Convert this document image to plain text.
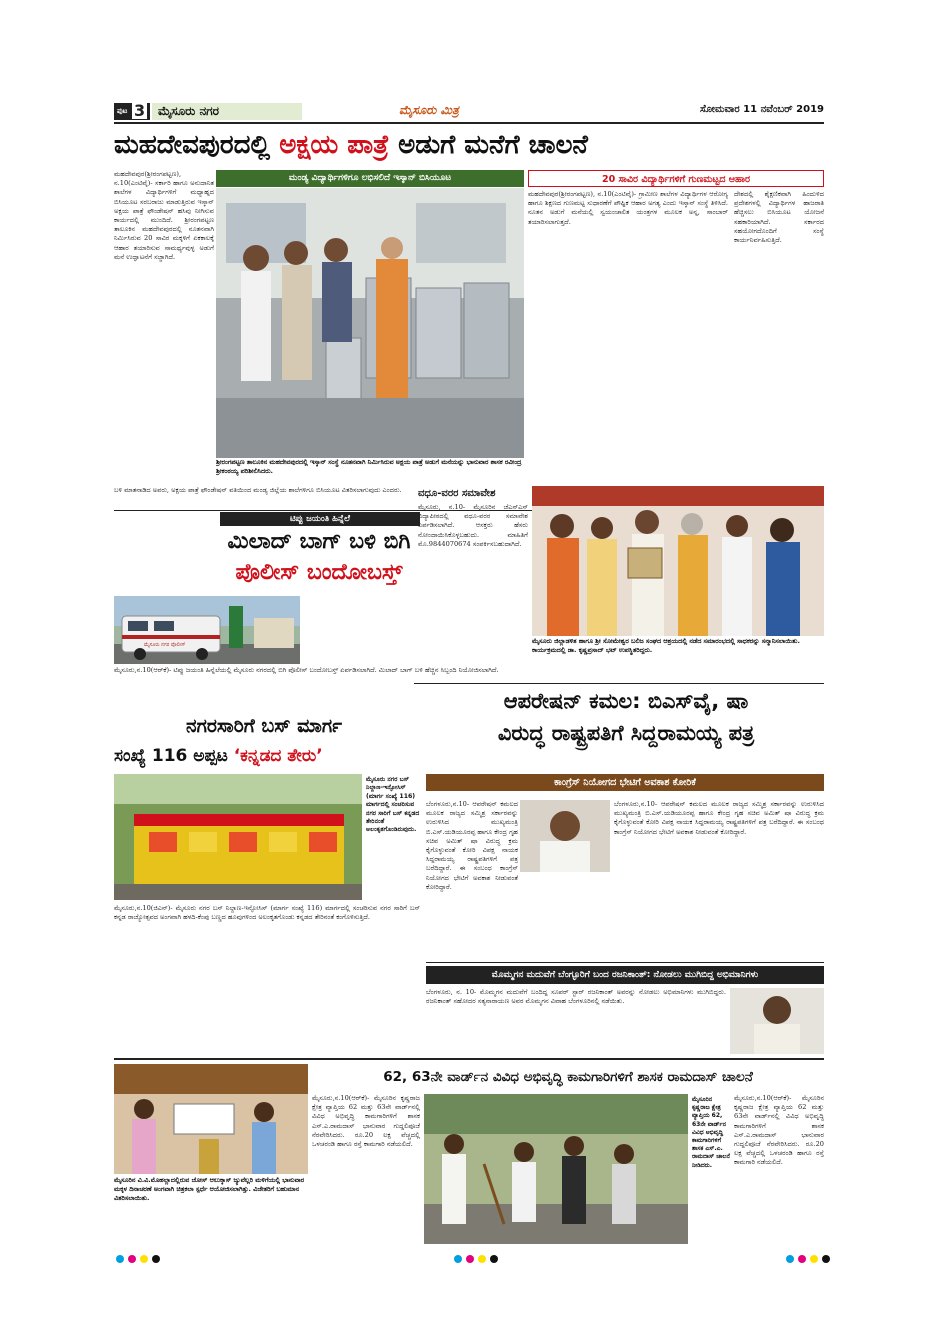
ಪುಟ 3 ಮೈಸೂರು ನಗರ	ಮೈಸೂರು ಮಿತ್ರ	ಸೋಮವಾರ 11 ನವೆಂಬರ್ 2019
ಮಹದೇವಪುರದಲ್ಲಿ ಅಕ್ಷಯ ಪಾತ್ರೆ ಅಡುಗೆ ಮನೆಗೆ ಚಾಲನೆ
ಮಹದೇವಪುರ(ಶ್ರೀರಂಗಪಟ್ಟಣ), ನ.10(ಎಂಟಿವೈ)- ಸರ್ಕಾರಿ ಹಾಗೂ ಅನುದಾನಿತ ಶಾಲೆಗಳ ವಿದ್ಯಾರ್ಥಿಗಳಿಗೆ ಮಧ್ಯಾಹ್ನದ ಬಿಸಿಯೂಟ ಸರಬರಾಜು ಮಾಡುತ್ತಿರುವ ಇಸ್ಕಾನ್ ಅಕ್ಷಯ ಪಾತ್ರೆ ಫೌಂಡೇಷನ್ ಹಸಿವು ನೀಗಿಸುವ ಕಾರ್ಯದಲ್ಲಿ ಮುಂದಿದೆ. ಶ್ರೀರಂಗಪಟ್ಟಣ ತಾಲೂಕಿನ ಮಹದೇವಪುರದಲ್ಲಿ ನೂತನವಾಗಿ ನಿರ್ಮಿಸಿರುವ 20 ಸಾವಿರ ಮಕ್ಕಳಿಗೆ ಏಕಕಾಲಕ್ಕೆ ಆಹಾರ ತಯಾರಿಸುವ ಸಾಮರ್ಥ್ಯವುಳ್ಳ ಅಡುಗೆ ಮನೆ ಉದ್ಘಾಟನೆಗೆ ಸಜ್ಜಾಗಿದೆ.
ಮಂಡ್ಯ ವಿದ್ಯಾರ್ಥಿಗಳಿಗೂ ಲಭಿಸಲಿದೆ ಇಸ್ಕಾನ್ ಬಿಸಿಯೂಟ
ಶ್ರೀರಂಗಪಟ್ಟಣ ತಾಲೂಕಿನ ಮಹದೇವಪುರದಲ್ಲಿ ಇಸ್ಕಾನ್ ಸಂಸ್ಥೆ ನೂತನವಾಗಿ ನಿರ್ಮಿಸಿರುವ ಅಕ್ಷಯ ಪಾತ್ರೆ ಅಡುಗೆ ಮನೆಯನ್ನು ಭಾನುವಾರ ಶಾಸಕ ರವೀಂದ್ರ ಶ್ರೀಕಂಠಯ್ಯ ಪರಿಶೀಲಿಸಿದರು.
20 ಸಾವಿರ ವಿದ್ಯಾರ್ಥಿಗಳಿಗೆ ಗುಣಮಟ್ಟದ ಆಹಾರ
ಮಹದೇವಪುರ(ಶ್ರೀರಂಗಪಟ್ಟಣ), ನ.10(ಎಂಟಿವೈ)- ಗ್ರಾಮೀಣ ಶಾಲೆಗಳ ವಿದ್ಯಾರ್ಥಿಗಳ ಆರೋಗ್ಯ ಹಾಗೂ ಶಿಕ್ಷಣದ ಗುಣಮಟ್ಟ ಸುಧಾರಣೆಗೆ ಪೌಷ್ಟಿಕ ಆಹಾರ ಅಗತ್ಯ ಎಂದು ಇಸ್ಕಾನ್ ಸಂಸ್ಥೆ ತಿಳಿಸಿದೆ. ನೂತನ ಅಡುಗೆ ಮನೆಯಲ್ಲಿ ಸ್ವಯಂಚಾಲಿತ ಯಂತ್ರಗಳ ಮೂಲಕ ಅನ್ನ, ಸಾಂಬಾರ್ ತಯಾರಿಸಲಾಗುತ್ತದೆ.
ದೇಶದಲ್ಲಿ ಶೈಕ್ಷಣಿಕವಾಗಿ ಹಿಂದುಳಿದ ಪ್ರದೇಶಗಳಲ್ಲಿ ವಿದ್ಯಾರ್ಥಿಗಳ ಹಾಜರಾತಿ ಹೆಚ್ಚಿಸಲು ಬಿಸಿಯೂಟ ಯೋಜನೆ ಸಹಕಾರಿಯಾಗಿದೆ. ಸರ್ಕಾರದ ಸಹಯೋಗದೊಂದಿಗೆ ಸಂಸ್ಥೆ ಕಾರ್ಯನಿರ್ವಹಿಸುತ್ತಿದೆ.
ಬಳಿ ಮಾತನಾಡಿದ ಅವರು, ಅಕ್ಷಯ ಪಾತ್ರೆ ಫೌಂಡೇಷನ್ ವತಿಯಿಂದ ಮಂಡ್ಯ ಜಿಲ್ಲೆಯ ಶಾಲೆಗಳಿಗೂ ಬಿಸಿಯೂಟ ವಿತರಿಸಲಾಗುವುದು ಎಂದರು.
ಟಿಪ್ಪು ಜಯಂತಿ ಹಿನ್ನೆಲೆ
ಮಿಲಾದ್ ಬಾಗ್ ಬಳಿ ಬಿಗಿ
ಪೊಲೀಸ್ ಬಂದೋಬಸ್ತ್
ಮೈಸೂರು ನಗರ ಪೊಲೀಸ್
ಮೈಸೂರು,ನ.10(ಆರ್‌ಕೆ)- ಟಿಪ್ಪು ಜಯಂತಿ ಹಿನ್ನೆಲೆಯಲ್ಲಿ ಮೈಸೂರು ನಗರದಲ್ಲಿ ಬಿಗಿ ಪೊಲೀಸ್ ಬಂದೋಬಸ್ತ್ ಏರ್ಪಡಿಸಲಾಗಿದೆ. ಮಿಲಾದ್ ಬಾಗ್ ಬಳಿ ಹೆಚ್ಚಿನ ಸಿಬ್ಬಂದಿ ನಿಯೋಜಿಸಲಾಗಿದೆ.
ವಧೂ-ವರರ ಸಮಾವೇಶ
ಮೈಸೂರು, ನ.10- ಮೈಸೂರಿನ ಜೆಎಸ್ಎಸ್ ವಿದ್ಯಾಪೀಠದಲ್ಲಿ ವಧೂ-ವರರ ಸಮಾವೇಶ ಏರ್ಪಡಿಸಲಾಗಿದೆ. ಆಸಕ್ತರು ಹೆಸರು ನೋಂದಾಯಿಸಿಕೊಳ್ಳಬಹುದು. ಮಾಹಿತಿಗೆ ಮೊ.9844070674 ಸಂಪರ್ಕಿಸಬಹುದಾಗಿದೆ.
ಮೈಸೂರು ಜಿಲ್ಲಾಡಳಿತ ಹಾಗೂ ಶ್ರೀ ಸೋಮೇಶ್ವರ ಬಲಿಜ ಸಂಘದ ಆಶ್ರಯದಲ್ಲಿ ನಡೆದ ಸಮಾರಂಭದಲ್ಲಿ ಸಾಧಕರನ್ನು ಸನ್ಮಾನಿಸಲಾಯಿತು. ಕಾರ್ಯಕ್ರಮದಲ್ಲಿ ಡಾ. ಕೃಷ್ಣಪ್ರಸಾದ್ ಭಟ್ ಉಪಸ್ಥಿತರಿದ್ದರು.
ಆಪರೇಷನ್ ಕಮಲ: ಬಿಎಸ್‌ವೈ, ಷಾ
ವಿರುದ್ಧ ರಾಷ್ಟ್ರಪತಿಗೆ ಸಿದ್ದರಾಮಯ್ಯ ಪತ್ರ
ಕಾಂಗ್ರೆಸ್ ನಿಯೋಗದ ಭೇಟಿಗೆ ಅವಕಾಶ ಕೋರಿಕೆ
ಬೆಂಗಳೂರು,ನ.10- ಆಪರೇಷನ್ ಕಮಲದ ಮೂಲಕ ರಾಜ್ಯದ ಸಮ್ಮಿಶ್ರ ಸರ್ಕಾರವನ್ನು ಉರುಳಿಸಿದ ಮುಖ್ಯಮಂತ್ರಿ ಬಿ.ಎಸ್.ಯಡಿಯೂರಪ್ಪ ಹಾಗೂ ಕೇಂದ್ರ ಗೃಹ ಸಚಿವ ಅಮಿತ್ ಷಾ ವಿರುದ್ಧ ಕ್ರಮ ಕೈಗೊಳ್ಳುವಂತೆ ಕೋರಿ ವಿಪಕ್ಷ ನಾಯಕ ಸಿದ್ದರಾಮಯ್ಯ ರಾಷ್ಟ್ರಪತಿಗಳಿಗೆ ಪತ್ರ ಬರೆದಿದ್ದಾರೆ. ಈ ಸಂಬಂಧ ಕಾಂಗ್ರೆಸ್ ನಿಯೋಗದ ಭೇಟಿಗೆ ಅವಕಾಶ ನೀಡುವಂತೆ ಕೋರಿದ್ದಾರೆ.
ಬೆಂಗಳೂರು,ನ.10- ಆಪರೇಷನ್ ಕಮಲದ ಮೂಲಕ ರಾಜ್ಯದ ಸಮ್ಮಿಶ್ರ ಸರ್ಕಾರವನ್ನು ಉರುಳಿಸಿದ ಮುಖ್ಯಮಂತ್ರಿ ಬಿ.ಎಸ್.ಯಡಿಯೂರಪ್ಪ ಹಾಗೂ ಕೇಂದ್ರ ಗೃಹ ಸಚಿವ ಅಮಿತ್ ಷಾ ವಿರುದ್ಧ ಕ್ರಮ ಕೈಗೊಳ್ಳುವಂತೆ ಕೋರಿ ವಿಪಕ್ಷ ನಾಯಕ ಸಿದ್ದರಾಮಯ್ಯ ರಾಷ್ಟ್ರಪತಿಗಳಿಗೆ ಪತ್ರ ಬರೆದಿದ್ದಾರೆ. ಈ ಸಂಬಂಧ ಕಾಂಗ್ರೆಸ್ ನಿಯೋಗದ ಭೇಟಿಗೆ ಅವಕಾಶ ನೀಡುವಂತೆ ಕೋರಿದ್ದಾರೆ.
ನಗರಸಾರಿಗೆ ಬಸ್ ಮಾರ್ಗ
ಸಂಖ್ಯೆ 116 ಅಪ್ಪಟ ‘ಕನ್ನಡದ ತೇರು’
ಮೈಸೂರು ನಗರ ಬಸ್ ನಿಲ್ದಾಣ-ಇನ್ಫೋಸಿಸ್ (ಮಾರ್ಗ ಸಂಖ್ಯೆ 116) ಮಾರ್ಗದಲ್ಲಿ ಸಂಚರಿಸುವ ನಗರ ಸಾರಿಗೆ ಬಸ್ ಕನ್ನಡದ ತೇರಿನಂತೆ ಅಲಂಕೃತಗೊಂಡಿರುವುದು.
ಮೈಸೂರು,ನ.10(ಜಿಎನ್)- ಮೈಸೂರು ನಗರ ಬಸ್ ನಿಲ್ದಾಣ-ಇನ್ಫೋಸಿಸ್ (ಮಾರ್ಗ ಸಂಖ್ಯೆ 116) ಮಾರ್ಗದಲ್ಲಿ ಸಂಚರಿಸುವ ನಗರ ಸಾರಿಗೆ ಬಸ್ ಕನ್ನಡ ರಾಜ್ಯೋತ್ಸವದ ಅಂಗವಾಗಿ ಹಳದಿ-ಕೆಂಪು ಬಣ್ಣದ ಹೂವುಗಳಿಂದ ಅಲಂಕೃತಗೊಂಡು ಕನ್ನಡದ ತೇರಿನಂತೆ ಕಂಗೊಳಿಸುತ್ತಿದೆ.
ಮೊಮ್ಮಗನ ಮದುವೆಗೆ ಬೆಂಗ್ಳೂರಿಗೆ ಬಂದ ರಜನಿಕಾಂತ್: ನೋಡಲು ಮುಗಿಬಿದ್ದ ಅಭಿಮಾನಿಗಳು
ಬೆಂಗಳೂರು, ನ. 10- ಮೊಮ್ಮಗನ ಮದುವೆಗೆ ಬಂದಿದ್ದ ಸೂಪರ್ ಸ್ಟಾರ್ ರಜನಿಕಾಂತ್ ಅವರನ್ನು ನೋಡಲು ಅಭಿಮಾನಿಗಳು ಮುಗಿಬಿದ್ದರು. ರಜನಿಕಾಂತ್ ಸಹೋದರ ಸತ್ಯನಾರಾಯಣ ಅವರ ಮೊಮ್ಮಗನ ವಿವಾಹ ಬೆಂಗಳೂರಿನಲ್ಲಿ ನಡೆಯಿತು.
ಮೈಸೂರಿನ ವಿ.ವಿ.ಮೊಹಲ್ಲಾದಲ್ಲಿರುವ ಜೋಸ್ ಆಲುಕ್ಕಾಸ್ ಜ್ಯುವೆಲ್ಲರಿ ಮಳಿಗೆಯಲ್ಲಿ ಭಾನುವಾರ ಮಕ್ಕಳ ದಿನಾಚರಣೆ ಅಂಗವಾಗಿ ಚಿತ್ರಕಲಾ ಸ್ಪರ್ಧೆ ಆಯೋಜಿಸಲಾಗಿತ್ತು. ವಿಜೇತರಿಗೆ ಬಹುಮಾನ ವಿತರಿಸಲಾಯಿತು.
62, 63ನೇ ವಾರ್ಡ್‌ನ ವಿವಿಧ ಅಭಿವೃದ್ಧಿ ಕಾಮಗಾರಿಗಳಿಗೆ ಶಾಸಕ ರಾಮದಾಸ್ ಚಾಲನೆ
ಮೈಸೂರು,ನ.10(ಆರ್‌ಕೆ)- ಮೈಸೂರಿನ ಕೃಷ್ಣರಾಜ ಕ್ಷೇತ್ರ ವ್ಯಾಪ್ತಿಯ 62 ಮತ್ತು 63ನೇ ವಾರ್ಡ್‌ನಲ್ಲಿ ವಿವಿಧ ಅಭಿವೃದ್ಧಿ ಕಾಮಗಾರಿಗಳಿಗೆ ಶಾಸಕ ಎಸ್.ಎ.ರಾಮದಾಸ್ ಭಾನುವಾರ ಗುದ್ದಲಿಪೂಜೆ ನೆರವೇರಿಸಿದರು. ರೂ.20 ಲಕ್ಷ ವೆಚ್ಚದಲ್ಲಿ ಒಳಚರಂಡಿ ಹಾಗೂ ರಸ್ತೆ ಕಾಮಗಾರಿ ನಡೆಯಲಿದೆ.
ಮೈಸೂರಿನ ಕೃಷ್ಣರಾಜ ಕ್ಷೇತ್ರ ವ್ಯಾಪ್ತಿಯ 62, 63ನೇ ವಾರ್ಡ್‌ನ ವಿವಿಧ ಅಭಿವೃದ್ಧಿ ಕಾಮಗಾರಿಗಳಿಗೆ ಶಾಸಕ ಎಸ್.ಎ. ರಾಮದಾಸ್ ಚಾಲನೆ ನೀಡಿದರು.
ಮೈಸೂರು,ನ.10(ಆರ್‌ಕೆ)- ಮೈಸೂರಿನ ಕೃಷ್ಣರಾಜ ಕ್ಷೇತ್ರ ವ್ಯಾಪ್ತಿಯ 62 ಮತ್ತು 63ನೇ ವಾರ್ಡ್‌ನಲ್ಲಿ ವಿವಿಧ ಅಭಿವೃದ್ಧಿ ಕಾಮಗಾರಿಗಳಿಗೆ ಶಾಸಕ ಎಸ್.ಎ.ರಾಮದಾಸ್ ಭಾನುವಾರ ಗುದ್ದಲಿಪೂಜೆ ನೆರವೇರಿಸಿದರು. ರೂ.20 ಲಕ್ಷ ವೆಚ್ಚದಲ್ಲಿ ಒಳಚರಂಡಿ ಹಾಗೂ ರಸ್ತೆ ಕಾಮಗಾರಿ ನಡೆಯಲಿದೆ.
